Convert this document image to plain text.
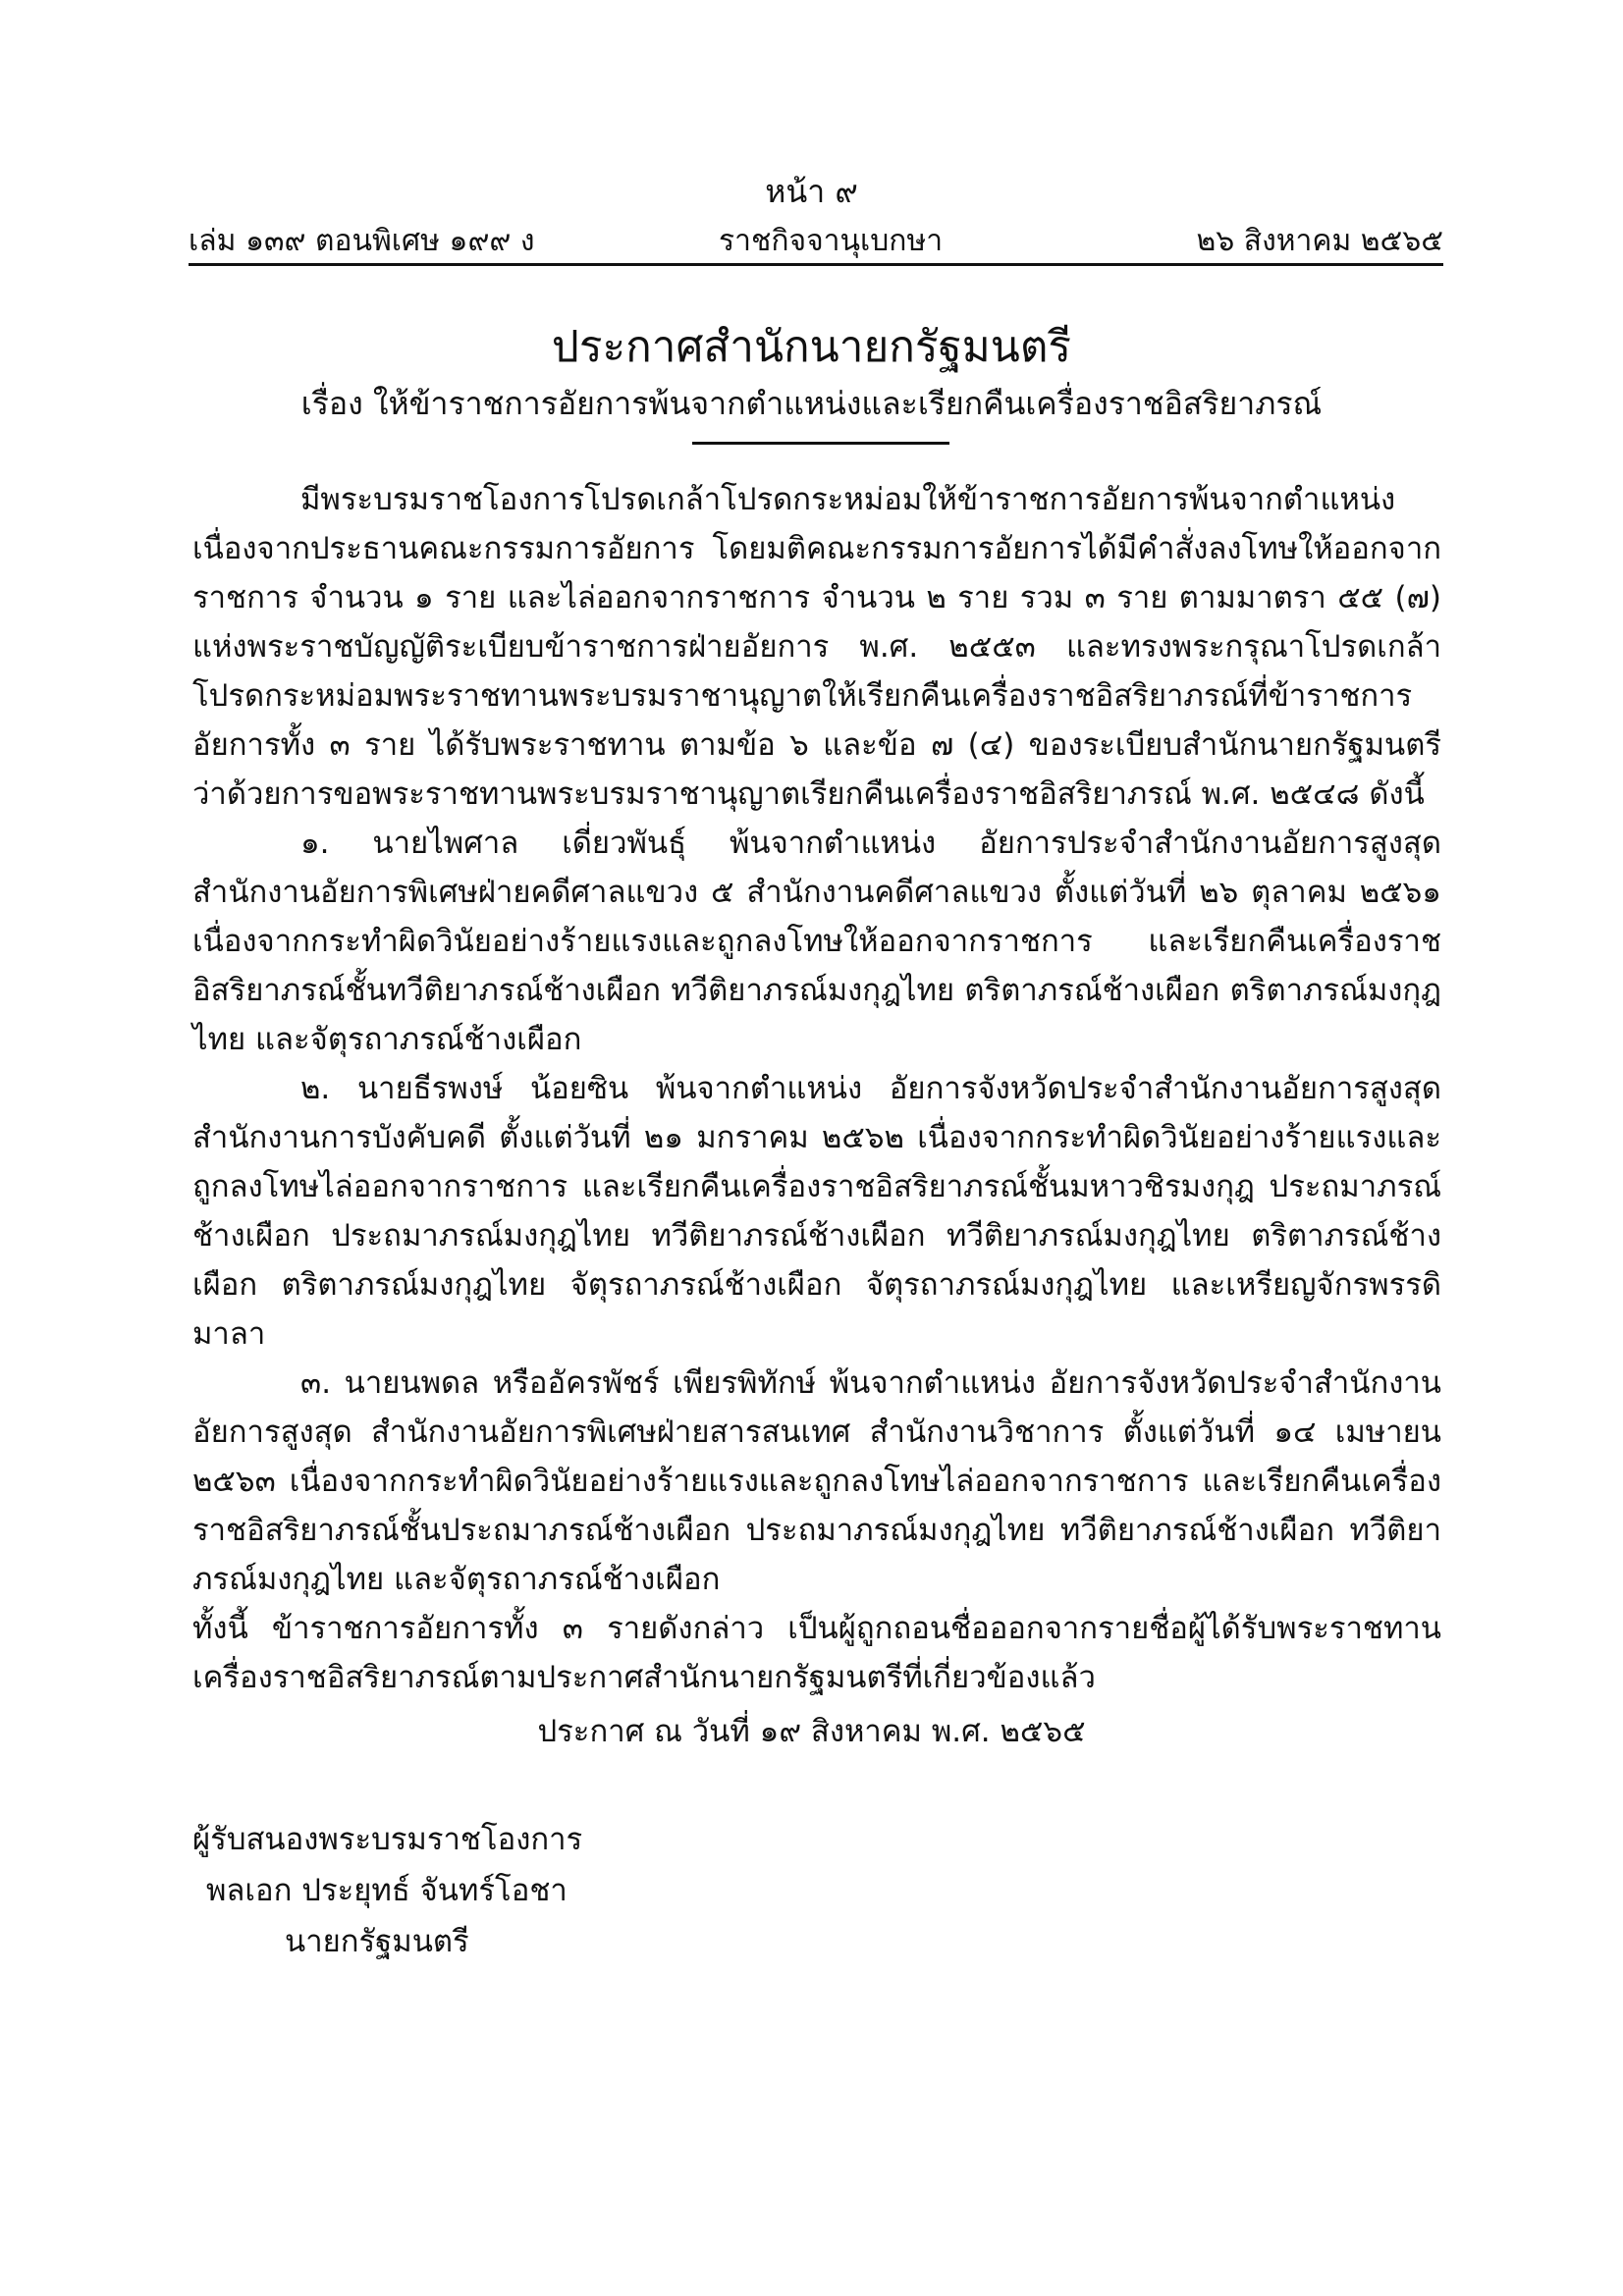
หน้า ๙
เล่ม ๑๓๙ ตอนพิเศษ ๑๙๙ ง	ราชกิจจานุเบกษา	๒๖ สิงหาคม ๒๕๖๕
ประกาศสำนักนายกรัฐมนตรี
เรื่อง ให้ข้าราชการอัยการพ้นจากตำแหน่งและเรียกคืนเครื่องราชอิสริยาภรณ์

มีพระบรมราชโองการโปรดเกล้าโปรดกระหม่อมให้ข้าราชการอัยการพ้นจากตำแหน่งเนื่องจากประธานคณะกรรมการอัยการ โดยมติคณะกรรมการอัยการได้มีคำสั่งลงโทษให้ออกจากราชการ จำนวน ๑ ราย และไล่ออกจากราชการ จำนวน ๒ ราย รวม ๓ ราย ตามมาตรา ๕๕ (๗) แห่งพระราชบัญญัติระเบียบข้าราชการฝ่ายอัยการ พ.ศ. ๒๕๕๓ และทรงพระกรุณาโปรดเกล้าโปรดกระหม่อมพระราชทานพระบรมราชานุญาตให้เรียกคืนเครื่องราชอิสริยาภรณ์ที่ข้าราชการอัยการทั้ง ๓ ราย ได้รับพระราชทาน ตามข้อ ๖ และข้อ ๗ (๔) ของระเบียบสำนักนายกรัฐมนตรี ว่าด้วยการขอพระราชทานพระบรมราชานุญาตเรียกคืนเครื่องราชอิสริยาภรณ์ พ.ศ. ๒๕๔๘ ดังนี้

๑. นายไพศาล เดี่ยวพันธุ์ พ้นจากตำแหน่ง อัยการประจำสำนักงานอัยการสูงสุด สำนักงานอัยการพิเศษฝ่ายคดีศาลแขวง ๕ สำนักงานคดีศาลแขวง ตั้งแต่วันที่ ๒๖ ตุลาคม ๒๕๖๑ เนื่องจากกระทำผิดวินัยอย่างร้ายแรงและถูกลงโทษให้ออกจากราชการ และเรียกคืนเครื่องราชอิสริยาภรณ์ชั้นทวีติยาภรณ์ช้างเผือก ทวีติยาภรณ์มงกุฎไทย ตริตาภรณ์ช้างเผือก ตริตาภรณ์มงกุฎไทย และจัตุรถาภรณ์ช้างเผือก

๒. นายธีรพงษ์ น้อยซิน พ้นจากตำแหน่ง อัยการจังหวัดประจำสำนักงานอัยการสูงสุด สำนักงานการบังคับคดี ตั้งแต่วันที่ ๒๑ มกราคม ๒๕๖๒ เนื่องจากกระทำผิดวินัยอย่างร้ายแรงและถูกลงโทษไล่ออกจากราชการ และเรียกคืนเครื่องราชอิสริยาภรณ์ชั้นมหาวชิรมงกุฎ ประถมาภรณ์ช้างเผือก ประถมาภรณ์มงกุฎไทย ทวีติยาภรณ์ช้างเผือก ทวีติยาภรณ์มงกุฎไทย ตริตาภรณ์ช้างเผือก ตริตาภรณ์มงกุฎไทย จัตุรถาภรณ์ช้างเผือก จัตุรถาภรณ์มงกุฎไทย และเหรียญจักรพรรดิมาลา

๓. นายนพดล หรืออัครพัชร์ เพียรพิทักษ์ พ้นจากตำแหน่ง อัยการจังหวัดประจำสำนักงานอัยการสูงสุด สำนักงานอัยการพิเศษฝ่ายสารสนเทศ สำนักงานวิชาการ ตั้งแต่วันที่ ๑๔ เมษายน ๒๕๖๓ เนื่องจากกระทำผิดวินัยอย่างร้ายแรงและถูกลงโทษไล่ออกจากราชการ และเรียกคืนเครื่องราชอิสริยาภรณ์ชั้นประถมาภรณ์ช้างเผือก ประถมาภรณ์มงกุฎไทย ทวีติยาภรณ์ช้างเผือก ทวีติยาภรณ์มงกุฎไทย และจัตุรถาภรณ์ช้างเผือก

ทั้งนี้ ข้าราชการอัยการทั้ง ๓ รายดังกล่าว เป็นผู้ถูกถอนชื่อออกจากรายชื่อผู้ได้รับพระราชทานเครื่องราชอิสริยาภรณ์ตามประกาศสำนักนายกรัฐมนตรีที่เกี่ยวข้องแล้ว

ประกาศ ณ วันที่ ๑๙ สิงหาคม พ.ศ. ๒๕๖๕
ผู้รับสนองพระบรมราชโองการ
พลเอก ประยุทธ์ จันทร์โอชา
นายกรัฐมนตรี
